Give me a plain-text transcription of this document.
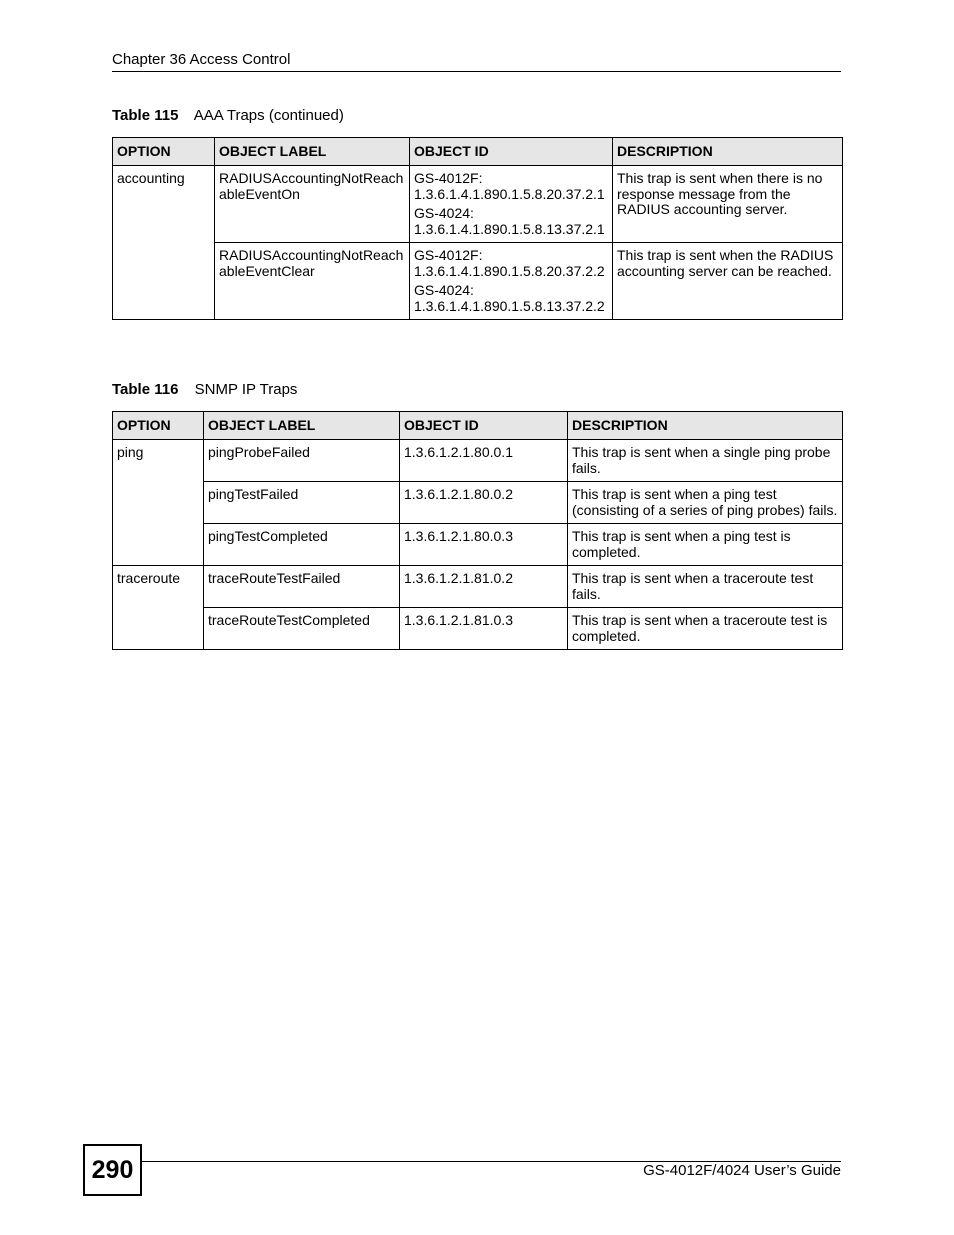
Chapter 36 Access Control
Table 115 AAA Traps (continued)
OPTION	OBJECT LABEL	OBJECT ID	DESCRIPTION
accounting	RADIUSAccountingNotReach ableEventOn	GS-4012F:
1.3.6.1.4.1.890.1.5.8.20.37.2.1
GS-4024:
1.3.6.1.4.1.890.1.5.8.13.37.2.1	This trap is sent when there is no response message from the RADIUS accounting server.
	RADIUSAccountingNotReach ableEventClear	GS-4012F:
1.3.6.1.4.1.890.1.5.8.20.37.2.2
GS-4024:
1.3.6.1.4.1.890.1.5.8.13.37.2.2	This trap is sent when the RADIUS accounting server can be reached.
Table 116 SNMP IP Traps
OPTION	OBJECT LABEL	OBJECT ID	DESCRIPTION
ping	pingProbeFailed	1.3.6.1.2.1.80.0.1	This trap is sent when a single ping probe fails.
	pingTestFailed	1.3.6.1.2.1.80.0.2	This trap is sent when a ping test (consisting of a series of ping probes) fails.
	pingTestCompleted	1.3.6.1.2.1.80.0.3	This trap is sent when a ping test is completed.
traceroute	traceRouteTestFailed	1.3.6.1.2.1.81.0.2	This trap is sent when a traceroute test fails.
	traceRouteTestCompleted	1.3.6.1.2.1.81.0.3	This trap is sent when a traceroute test is completed.
290	GS-4012F/4024 User’s Guide
